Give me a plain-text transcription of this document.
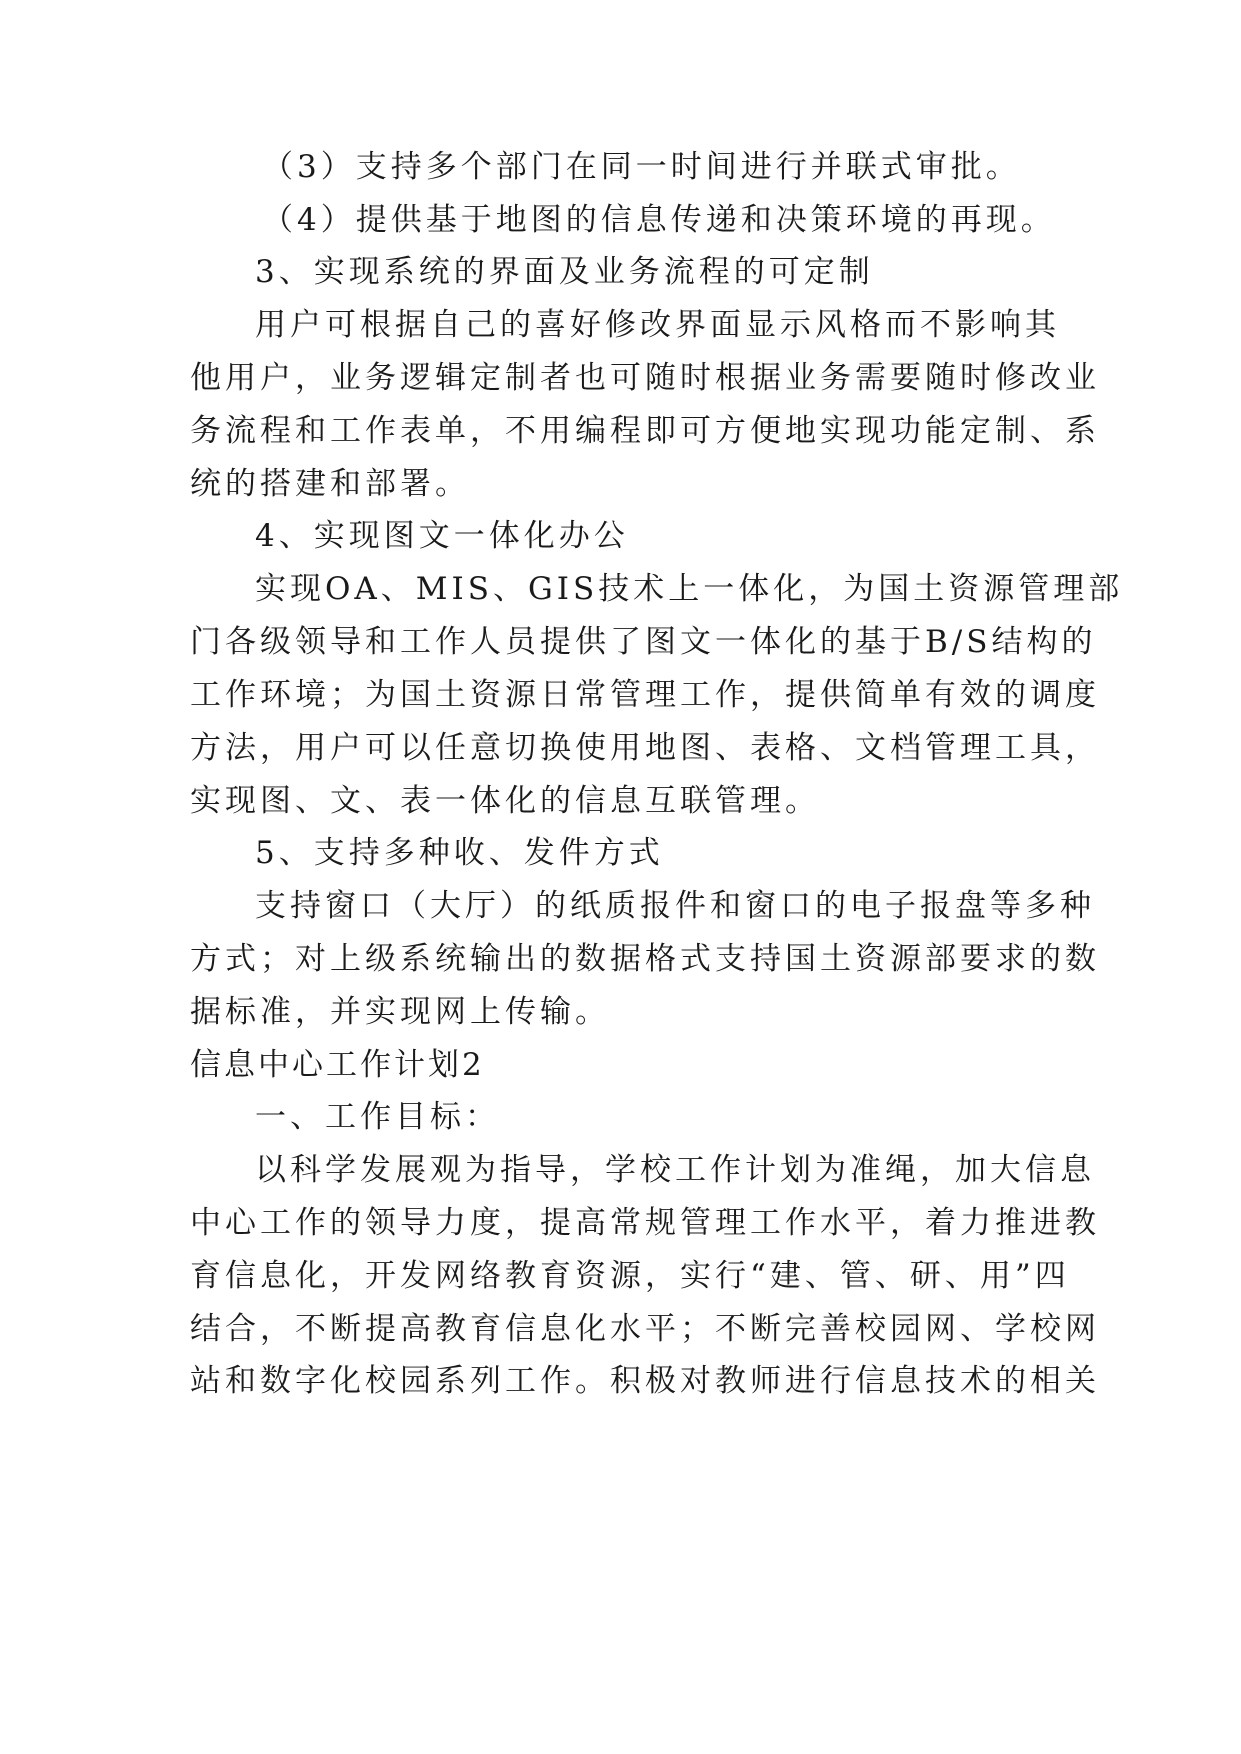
（3）支持多个部门在同一时间进行并联式审批。
（4）提供基于地图的信息传递和决策环境的再现。
3、实现系统的界面及业务流程的可定制
用户可根据自己的喜好修改界面显示风格而不影响其
他用户，业务逻辑定制者也可随时根据业务需要随时修改业
务流程和工作表单，不用编程即可方便地实现功能定制、系
统的搭建和部署。
4、实现图文一体化办公
实现OA、MIS、GIS技术上一体化，为国土资源管理部
门各级领导和工作人员提供了图文一体化的基于B/S结构的
工作环境；为国土资源日常管理工作，提供简单有效的调度
方法，用户可以任意切换使用地图、表格、文档管理工具，
实现图、文、表一体化的信息互联管理。
5、支持多种收、发件方式
支持窗口（大厅）的纸质报件和窗口的电子报盘等多种
方式；对上级系统输出的数据格式支持国土资源部要求的数
据标准，并实现网上传输。
信息中心工作计划2
一、工作目标：
以科学发展观为指导，学校工作计划为准绳，加大信息
中心工作的领导力度，提高常规管理工作水平，着力推进教
育信息化，开发网络教育资源，实行“建、管、研、用”四
结合，不断提高教育信息化水平；不断完善校园网、学校网
站和数字化校园系列工作。积极对教师进行信息技术的相关
